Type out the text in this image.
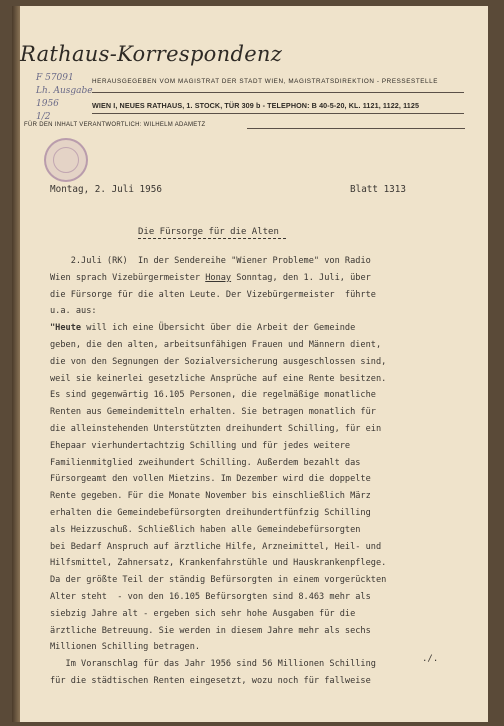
Rathaus-Korrespondenz
HERAUSGEGEBEN VOM MAGISTRAT DER STADT WIEN, MAGISTRATSDIREKTION - PRESSESTELLE
WIEN I, NEUES RATHAUS, 1. STOCK, TÜR 309 b - TELEPHON: B 40-5-20, KL. 1121, 1122, 1125
FÜR DEN INHALT VERANTWORTLICH: WILHELM ADAMETZ
F 57091
Lh. Ausgabe
1956
1/2
Montag, 2. Juli 1956	Blatt 1313
Die Fürsorge für die Alten
2.Juli (RK)  In der Sendereihe "Wiener Probleme" von Radio
Wien sprach Vizebürgermeister Honay Sonntag, den 1. Juli, über
die Fürsorge für die alten Leute. Der Vizebürgermeister  führte
u.a. aus:
"Heute will ich eine Übersicht über die Arbeit der Gemeinde
geben, die den alten, arbeitsunfähigen Frauen und Männern dient,
die von den Segnungen der Sozialversicherung ausgeschlossen sind,
weil sie keinerlei gesetzliche Ansprüche auf eine Rente besitzen.
Es sind gegenwärtig 16.105 Personen, die regelmäßige monatliche
Renten aus Gemeindemitteln erhalten. Sie betragen monatlich für
die alleinstehenden Unterstützten dreihundert Schilling, für ein
Ehepaar vierhundertachtzig Schilling und für jedes weitere
Familienmitglied zweihundert Schilling. Außerdem bezahlt das
Fürsorgeamt den vollen Mietzins. Im Dezember wird die doppelte
Rente gegeben. Für die Monate November bis einschließlich März
erhalten die Gemeindebefürsorgten dreihundertfünfzig Schilling
als Heizzuschuß. Schließlich haben alle Gemeindebefürsorgten
bei Bedarf Anspruch auf ärztliche Hilfe, Arzneimittel, Heil- und
Hilfsmittel, Zahnersatz, Krankenfahrstühle und Hauskrankenpflege.
Da der größte Teil der ständig Befürsorgten in einem vorgerückten
Alter steht  - von den 16.105 Befürsorgten sind 8.463 mehr als
siebzig Jahre alt - ergeben sich sehr hohe Ausgaben für die
ärztliche Betreuung. Sie werden in diesem Jahre mehr als sechs
Millionen Schilling betragen.
Im Voranschlag für das Jahr 1956 sind 56 Millionen Schilling
für die städtischen Renten eingesetzt, wozu noch für fallweise
./.
